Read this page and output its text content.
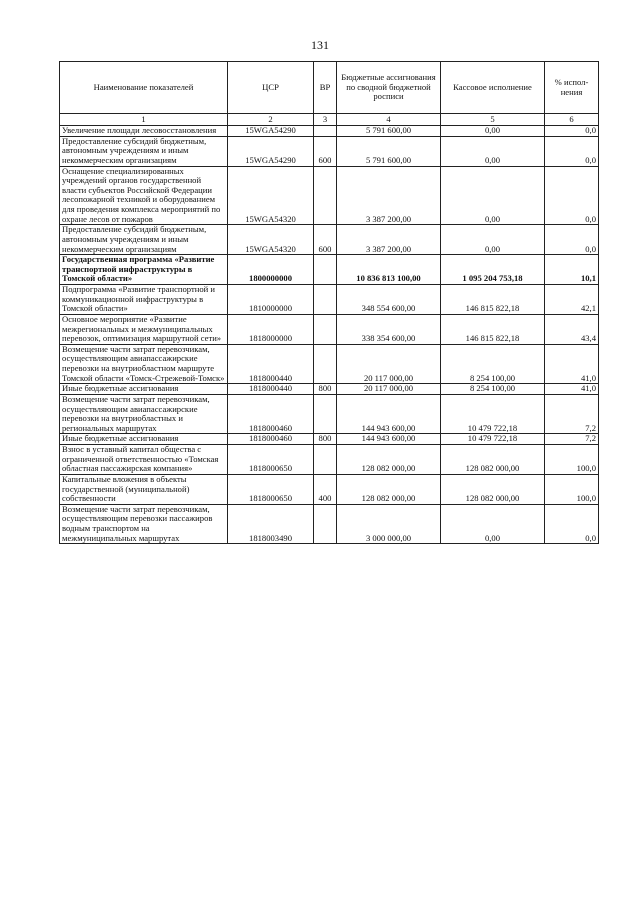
131
Наименование показателей	ЦСР	ВР	Бюджетные ассигнования по сводной бюджетной росписи	Кассовое исполнение	% испол- нения
1	2	3	4	5	6
Увеличение площади лесовосстановления	15WGA54290		5 791 600,00	0,00	0,0
Предоставление субсидий бюджетным, автономным учреждениям и иным некоммерческим организациям	15WGA54290	600	5 791 600,00	0,00	0,0
Оснащение специализированных учреждений органов государственной власти субъектов Российской Федерации лесопожарной техникой и оборудованием для проведения комплекса мероприятий по охране лесов от пожаров	15WGA54320		3 387 200,00	0,00	0,0
Предоставление субсидий бюджетным, автономным учреждениям и иным некоммерческим организациям	15WGA54320	600	3 387 200,00	0,00	0,0
Государственная программа «Развитие транспортной инфраструктуры в Томской области»	1800000000		10 836 813 100,00	1 095 204 753,18	10,1
Подпрограмма «Развитие транспортной и коммуникационной инфраструктуры в Томской области»	1810000000		348 554 600,00	146 815 822,18	42,1
Основное мероприятие «Развитие межрегиональных и межмуниципальных перевозок, оптимизация маршрутной сети»	1818000000		338 354 600,00	146 815 822,18	43,4
Возмещение части затрат перевозчикам, осуществляющим авиапассажирские перевозки на внутриобластном маршруте Томской области «Томск-Стрежевой-Томск»	1818000440		20 117 000,00	8 254 100,00	41,0
Иные бюджетные ассигнования	1818000440	800	20 117 000,00	8 254 100,00	41,0
Возмещение части затрат перевозчикам, осуществляющим авиапассажирские перевозки на внутриобластных и региональных маршрутах	1818000460		144 943 600,00	10 479 722,18	7,2
Иные бюджетные ассигнования	1818000460	800	144 943 600,00	10 479 722,18	7,2
Взнос в уставный капитал общества с ограниченной ответственностью «Томская областная пассажирская компания»	1818000650		128 082 000,00	128 082 000,00	100,0
Капитальные вложения в объекты государственной (муниципальной) собственности	1818000650	400	128 082 000,00	128 082 000,00	100,0
Возмещение части затрат перевозчикам, осуществляющим перевозки пассажиров водным транспортом на межмуниципальных маршрутах	1818003490		3 000 000,00	0,00	0,0
